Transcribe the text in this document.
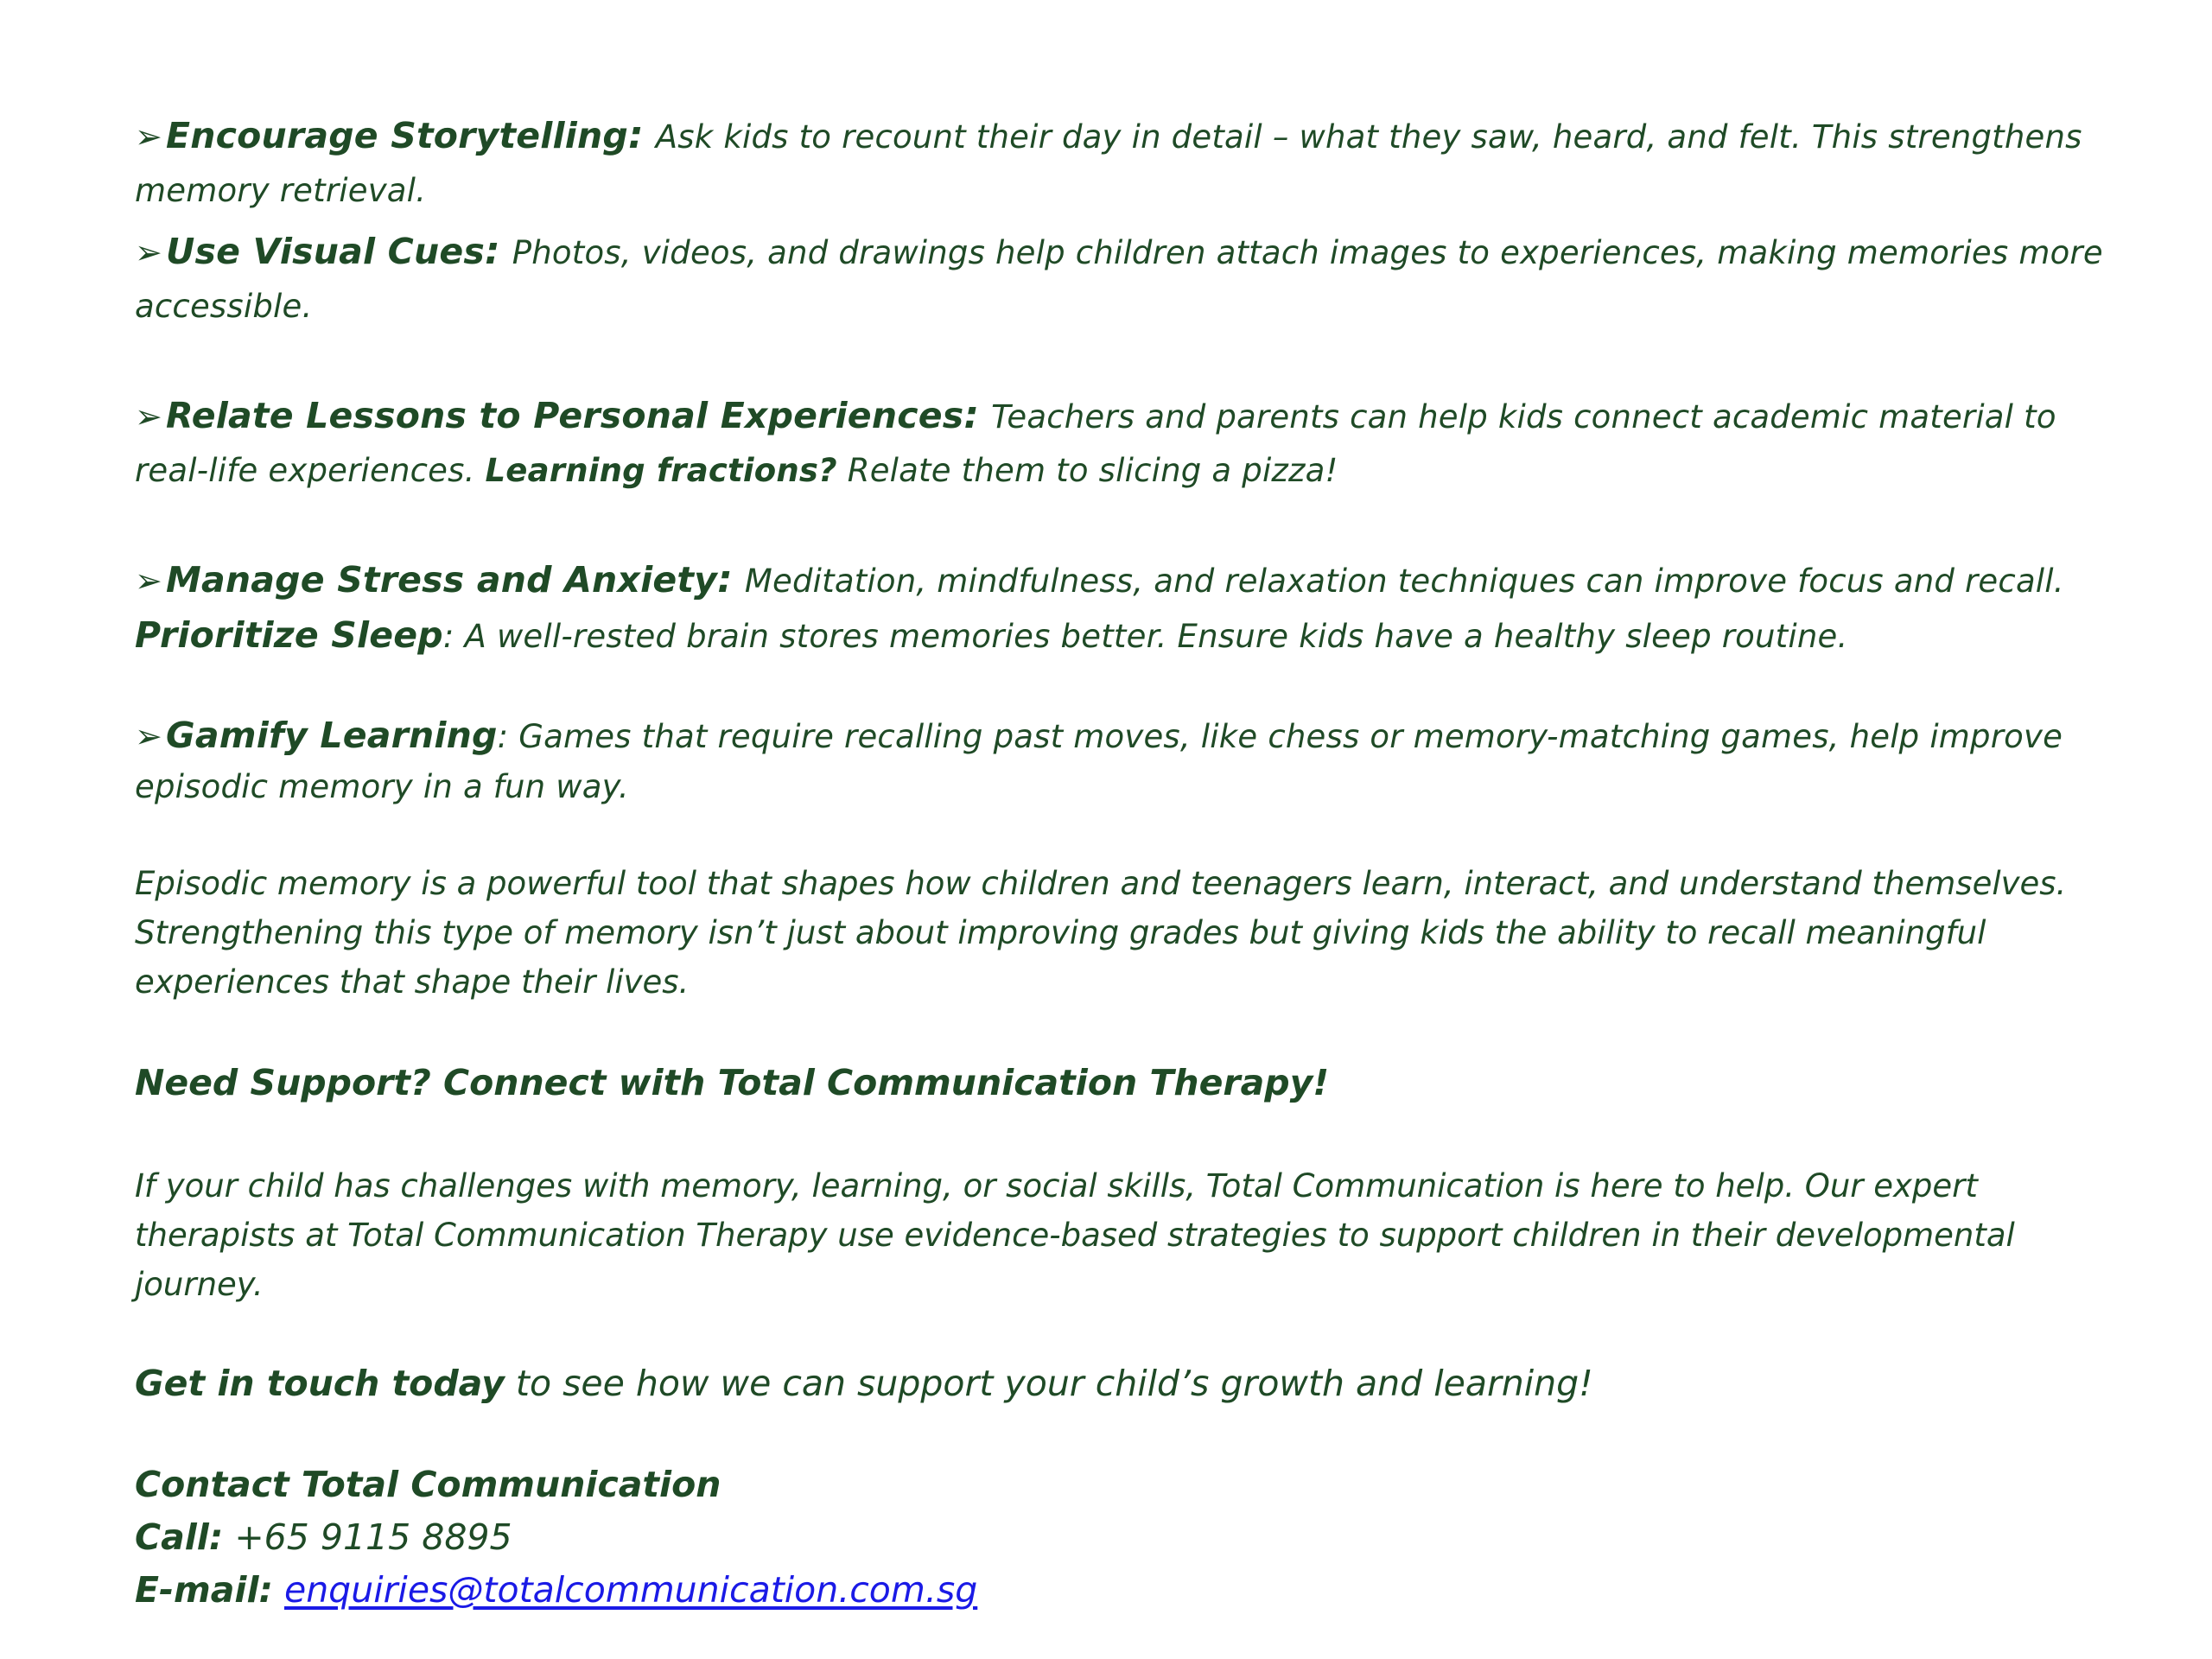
➢Encourage Storytelling: Ask kids to recount their day in detail – what they saw, heard, and felt. This strengthens memory retrieval.
➢Use Visual Cues: Photos, videos, and drawings help children attach images to experiences, making memories more accessible.
➢Relate Lessons to Personal Experiences: Teachers and parents can help kids connect academic material to real-life experiences. Learning fractions? Relate them to slicing a pizza!
➢Manage Stress and Anxiety: Meditation, mindfulness, and relaxation techniques can improve focus and recall.
Prioritize Sleep: A well-rested brain stores memories better. Ensure kids have a healthy sleep routine.
➢Gamify Learning: Games that require recalling past moves, like chess or memory-matching games, help improve episodic memory in a fun way.
Episodic memory is a powerful tool that shapes how children and teenagers learn, interact, and understand themselves. Strengthening this type of memory isn’t just about improving grades but giving kids the ability to recall meaningful experiences that shape their lives.
Need Support? Connect with Total Communication Therapy!
If your child has challenges with memory, learning, or social skills, Total Communication is here to help. Our expert therapists at Total Communication Therapy use evidence-based strategies to support children in their developmental journey.
Get in touch today to see how we can support your child’s growth and learning!
Contact Total Communication
Call: +65 9115 8895
E-mail: enquiries@totalcommunication.com.sg
